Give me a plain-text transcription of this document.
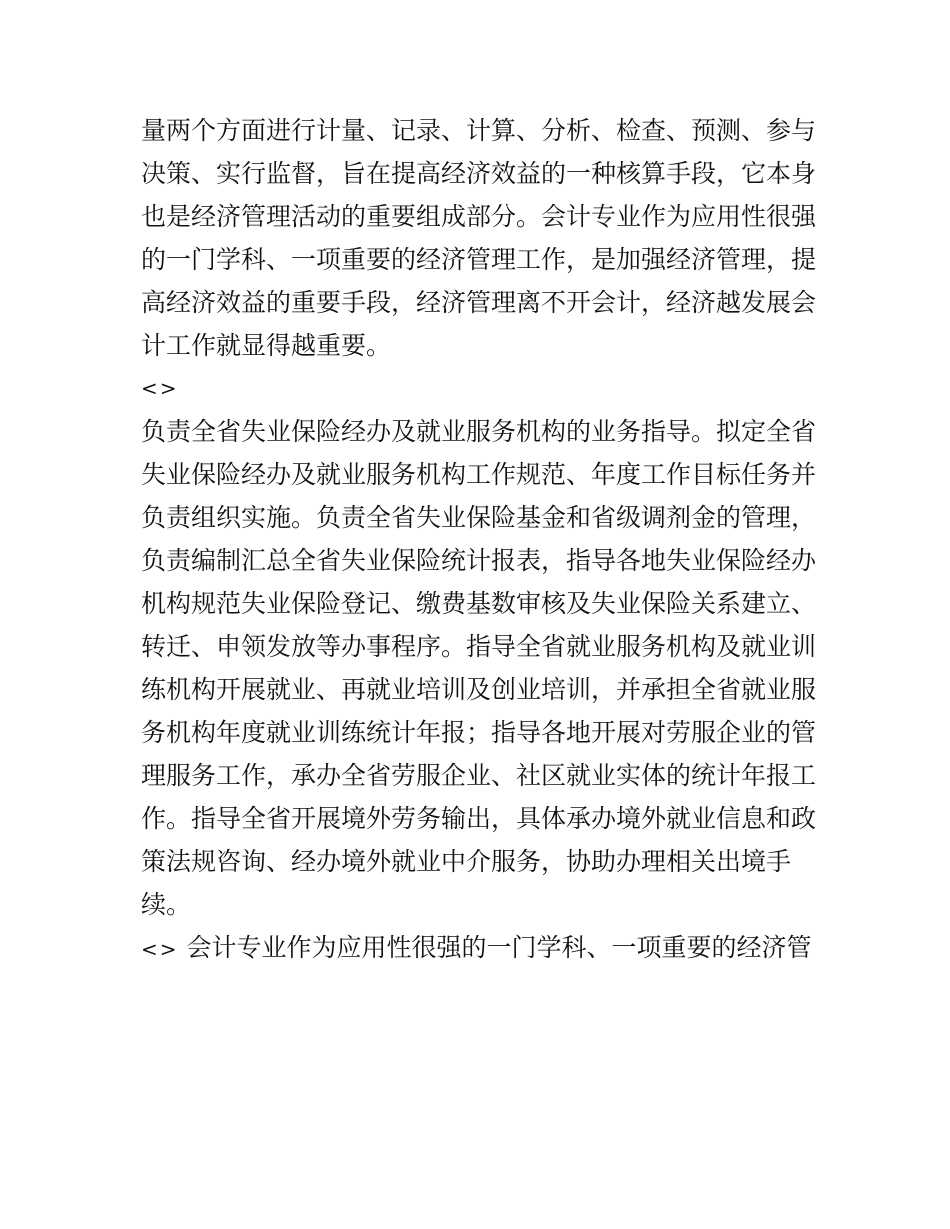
量两个方面进行计量、记录、计算、分析、检查、预测、参与
决策、实行监督，旨在提高经济效益的一种核算手段，它本身
也是经济管理活动的重要组成部分。会计专业作为应用性很强
的一门学科、一项重要的经济管理工作，是加强经济管理，提
高经济效益的重要手段，经济管理离不开会计，经济越发展会
计工作就显得越重要。
<>
负责全省失业保险经办及就业服务机构的业务指导。拟定全省
失业保险经办及就业服务机构工作规范、年度工作目标任务并
负责组织实施。负责全省失业保险基金和省级调剂金的管理，
负责编制汇总全省失业保险统计报表，指导各地失业保险经办
机构规范失业保险登记、缴费基数审核及失业保险关系建立、
转迁、申领发放等办事程序。指导全省就业服务机构及就业训
练机构开展就业、再就业培训及创业培训，并承担全省就业服
务机构年度就业训练统计年报；指导各地开展对劳服企业的管
理服务工作，承办全省劳服企业、社区就业实体的统计年报工
作。指导全省开展境外劳务输出，具体承办境外就业信息和政
策法规咨询、经办境外就业中介服务，协助办理相关出境手
续。
<> 会计专业作为应用性很强的一门学科、一项重要的经济管
